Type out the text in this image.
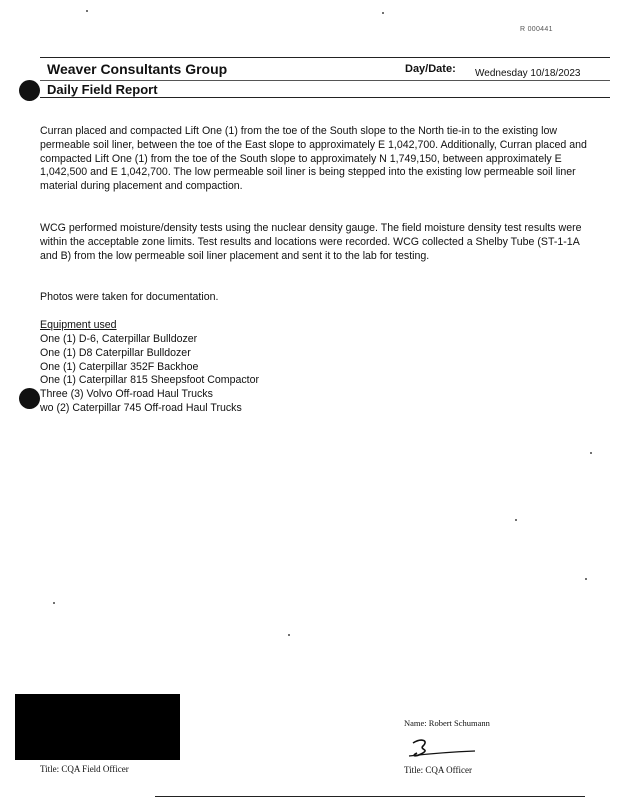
R 000441
Weaver Consultants Group	Day/Date: Wednesday 10/18/2023
Daily Field Report

Curran placed and compacted Lift One (1) from the toe of the South slope to the North tie-in to the existing low permeable soil liner, between the toe of the East slope to approximately E 1,042,700. Additionally, Curran placed and compacted Lift One (1) from the toe of the South slope to approximately N 1,749,150, between approximately E 1,042,500 and E 1,042,700. The low permeable soil liner is being stepped into the existing low permeable soil liner material during placement and compaction.

WCG performed moisture/density tests using the nuclear density gauge. The field moisture density test results were within the acceptable zone limits. Test results and locations were recorded. WCG collected a Shelby Tube (ST-1-1A and B) from the low permeable soil liner placement and sent it to the lab for testing.

Photos were taken for documentation.

Equipment used
One (1) D-6, Caterpillar Bulldozer
One (1) D8 Caterpillar Bulldozer
One (1) Caterpillar 352F Backhoe
One (1) Caterpillar 815 Sheepsfoot Compactor
Three (3) Volvo Off-road Haul Trucks
wo (2) Caterpillar 745 Off-road Haul Trucks
Title: CQA Field Officer
Name: Robert Schumann
Title: CQA Officer
